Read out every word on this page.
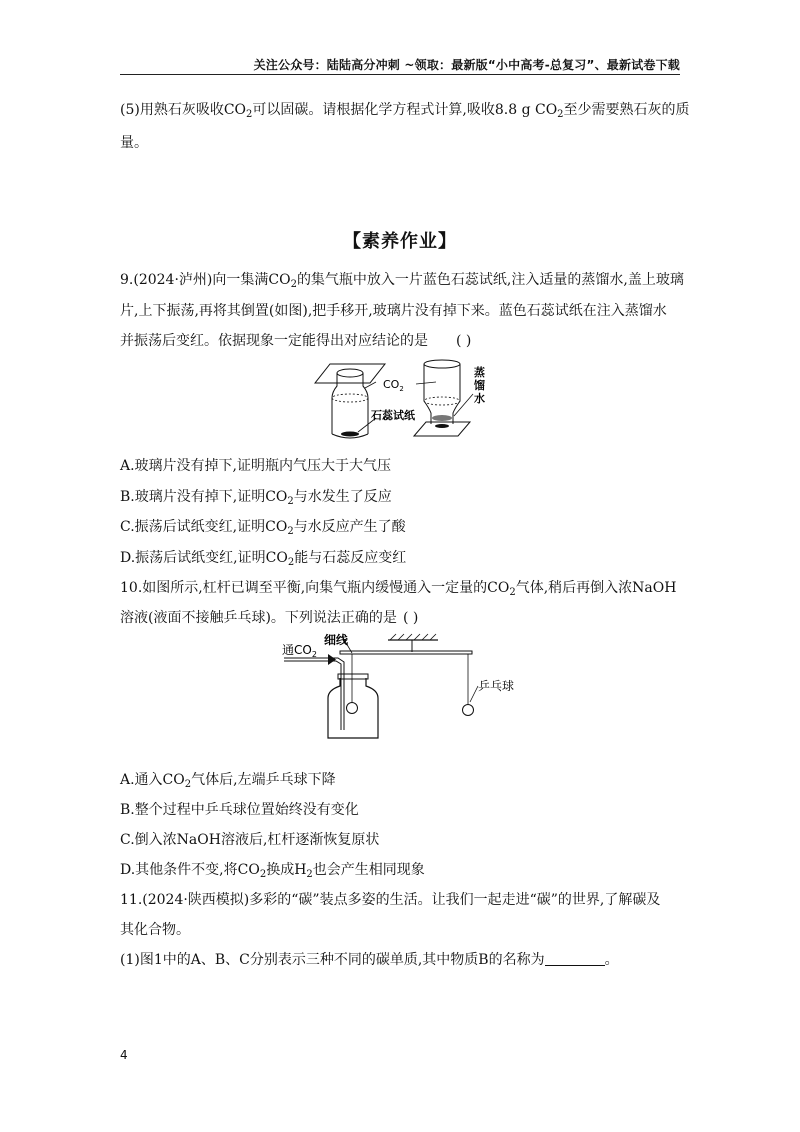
关注公众号：陆陆高分冲刺 ~领取：最新版“小中高考-总复习”、最新试卷下载
(5)用熟石灰吸收$CO_2$可以固碳。请根据化学方程式计算,吸收8.8 g $CO_2$至少需要熟石灰的质
量。
【素养作业】
9.(2024·泸州)向一集满$CO_2$的集气瓶中放入一片蓝色石蕊试纸,注入适量的蒸馏水,盖上玻璃
片,上下振荡,再将其倒置(如图),把手移开,玻璃片没有掉下来。蓝色石蕊试纸在注入蒸馏水
并振荡后变红。依据现象一定能得出对应结论的是 ( )
$CO_2$
石蕊试纸
蒸
馏
水
A.玻璃片没有掉下,证明瓶内气压大于大气压
B.玻璃片没有掉下,证明$CO_2$与水发生了反应
C.振荡后试纸变红,证明$CO_2$与水反应产生了酸
D.振荡后试纸变红,证明$CO_2$能与石蕊反应变红
10.如图所示,杠杆已调至平衡,向集气瓶内缓慢通入一定量的$CO_2$气体,稍后再倒入浓NaOH
溶液(液面不接触乒乓球)。下列说法正确的是 ( )
通$CO_2$
细线
乒乓球
A.通入$CO_2$气体后,左端乒乓球下降
B.整个过程中乒乓球位置始终没有变化
C.倒入浓NaOH溶液后,杠杆逐渐恢复原状
D.其他条件不变,将$CO_2$换成$H_2$也会产生相同现象
11.(2024·陕西模拟)多彩的“碳”装点多姿的生活。让我们一起走进“碳”的世界,了解碳及
其化合物。
(1)图1中的A、B、C分别表示三种不同的碳单质,其中物质B的名称为	。
4
